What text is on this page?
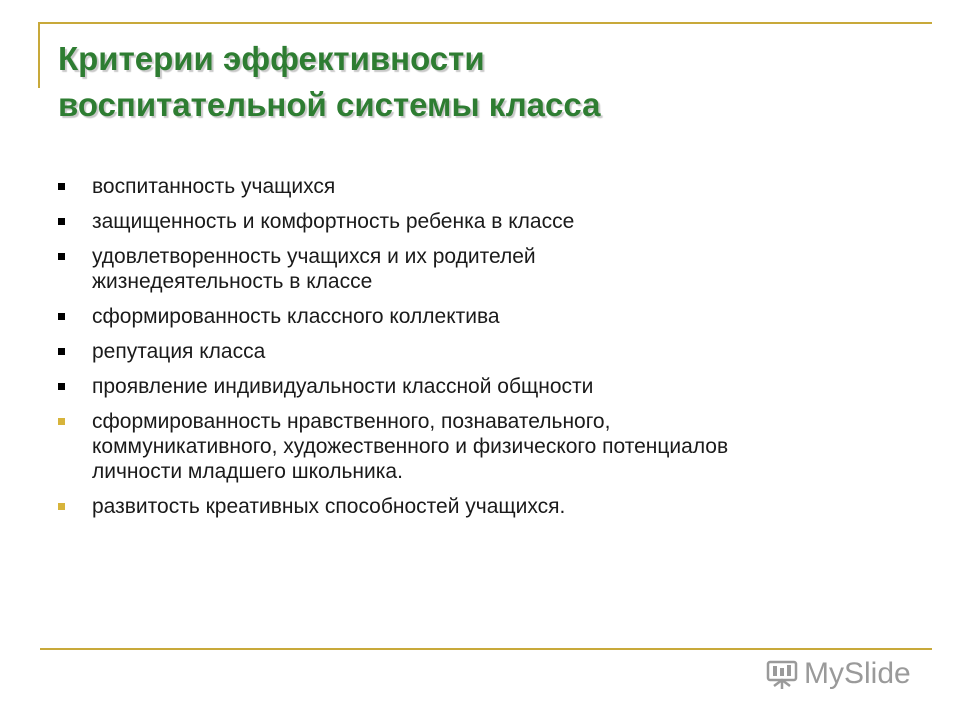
Критерии эффективности
воспитательной системы класса
воспитанность учащихся
защищенность и комфортность ребенка в классе
удовлетворенность учащихся и их родителей жизнедеятельность в классе
сформированность классного коллектива
репутация класса
проявление индивидуальности классной общности
сформированность нравственного, познавательного, коммуникативного, художественного и физического потенциалов личности младшего школьника.
развитость креативных способностей учащихся.
MySlide
